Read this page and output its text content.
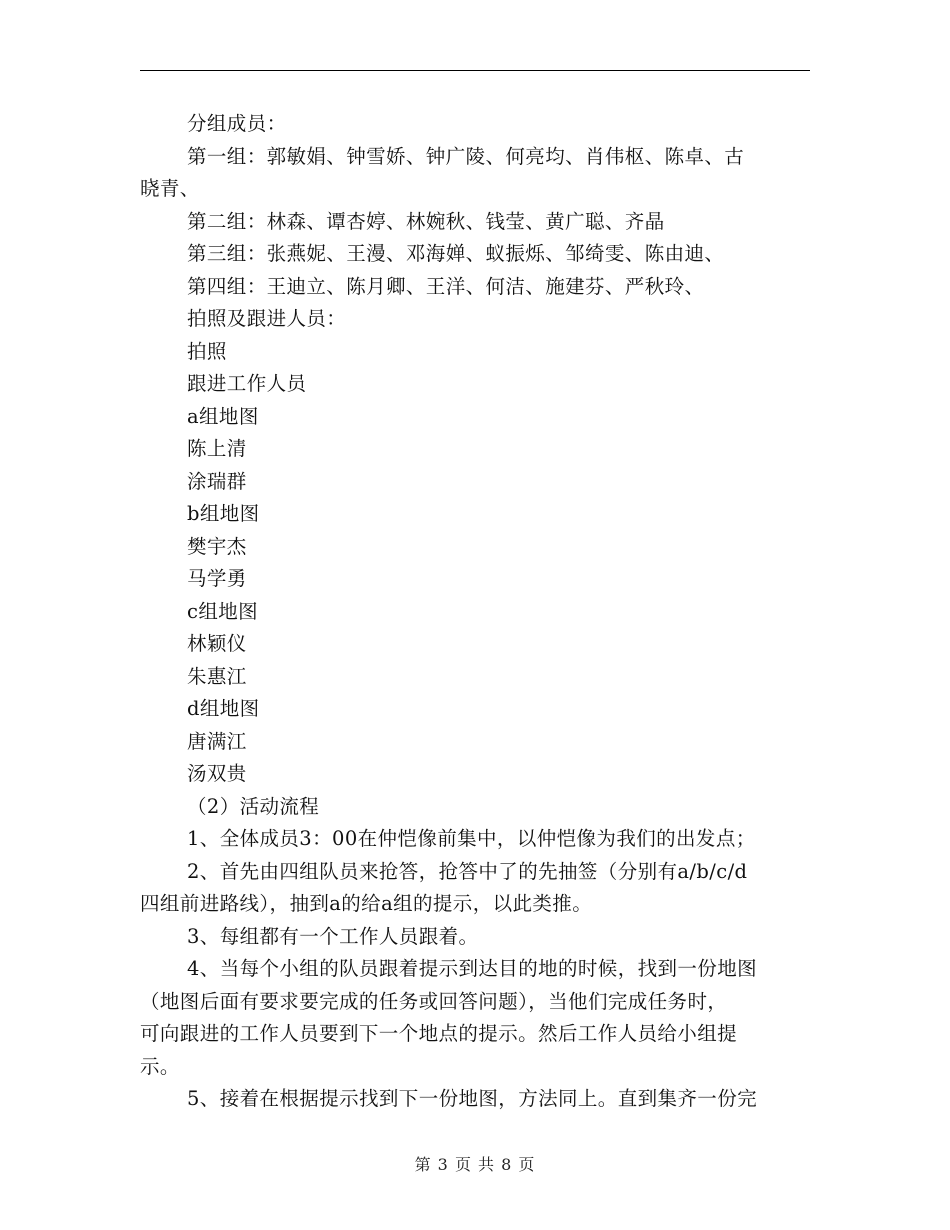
分组成员：
第一组：郭敏娟、钟雪娇、钟广陵、何亮均、肖伟枢、陈卓、古
晓青、
第二组：林森、谭杏婷、林婉秋、钱莹、黄广聪、齐晶
第三组：张燕妮、王漫、邓海婵、蚁振烁、邹绮雯、陈由迪、
第四组：王迪立、陈月卿、王洋、何洁、施建芬、严秋玲、
拍照及跟进人员：
拍照
跟进工作人员
a组地图
陈上清
涂瑞群
b组地图
樊宇杰
马学勇
c组地图
林颖仪
朱惠江
d组地图
唐满江
汤双贵
（2）活动流程
1、全体成员3：00在仲恺像前集中，以仲恺像为我们的出发点；
2、首先由四组队员来抢答，抢答中了的先抽签（分别有a/b/c/d
四组前进路线），抽到a的给a组的提示，以此类推。
3、每组都有一个工作人员跟着。
4、当每个小组的队员跟着提示到达目的地的时候，找到一份地图
（地图后面有要求要完成的任务或回答问题），当他们完成任务时，
可向跟进的工作人员要到下一个地点的提示。然后工作人员给小组提
示。
5、接着在根据提示找到下一份地图，方法同上。直到集齐一份完
第 3 页 共 8 页
